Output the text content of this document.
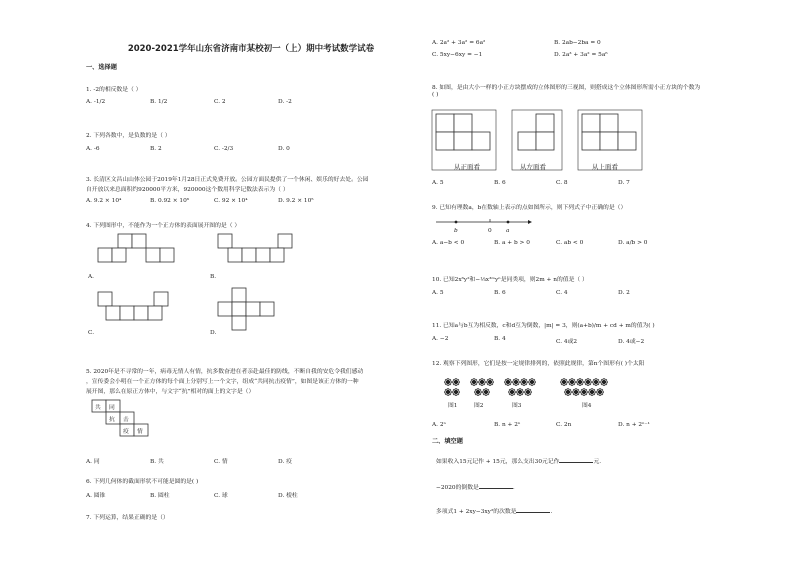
2020-2021学年山东省济南市某校初一（上）期中考试数学试卷
一、选择题
1. -2的相反数是（ ）
A. -1/2	B. 1/2	C. 2	D. -2
2. 下列各数中，是负数的是（ ）
A. -6	B. 2	C. -2/3	D. 0
3. 长清区文昌山山体公园于2019年1月28日正式免费开放。公园方面民提供了一个休闲、娱乐的好去处。公园
自开放以来总面积约920000平方米，920000这个数用科学记数法表示为（ ）
A. 9.2 × 10⁴	B. 0.92 × 10⁶	C. 92 × 10⁴	D. 9.2 × 10⁵
4. 下列图形中，不能作为一个正方体的表面展开图的是（ ）
A.	B.
C.	D.
5. 2020年是不寻常的一年，病毒无情人有情，抗多数奋进在者亲赴最佳的防线，不断自我的安危令我们感动
，宣传委会小明在一个正方体的每个面上分别写上一个文字，组成“共同抗击疫情”，如图是该正方体的一种
展开图，那么在原正方体中，与文字“抗”相对的面上的文字是（）
共 同
抗 击
疫 情
A. 同	B. 共	C. 情	D. 疫
6. 下列几何体的截面形状不可能是圆的是( )
A. 圆锥	B. 圆柱	C. 球	D. 棱柱
7. 下列运算，结果正确的是（）
A. 2a² + 3a² = 6a²	B. 2ab−2ba = 0
C. 5xy−6xy = −1	D. 2a³ + 3a² = 5a⁶
8. 如图，是由大小一样的小正方块摆成的立体图形的三视图，则搭成这个立体图形所需小正方块的个数为
( )
从正面看	从左面看	从上面看
A. 5	B. 6	C. 8	D. 7
9. 已知有理数a，b在数轴上表示的点如图所示，则下列式子中正确的是（）
b	0 a
A. a−b < 0	B. a + b > 0	C. ab < 0	D. a/b > 0
10. 已知2x⁶y²和−⅓x³ᵐyⁿ是同类项，则2m + n的值是（ ）
A. 5	B. 6	C. 4	D. 2
11. 已知a与b互为相反数，c和d互为倒数，|m| = 3，则(a+b)/m + cd + m的值为( )
A. −2	B. 4	C. 4或2	D. 4或−2
12. 观察下列图形，它们是按一定规律排列的，依照此规律，第n个图形有( )个太阳
图1	图2	图3	图4
A. 2ⁿ	B. n + 2ⁿ	C. 2n	D. n + 2ⁿ⁻¹
二、填空题
如果收入15元记作 + 15元，那么支出30元记作	元.
−2020的倒数是	.
多项式1 + 2xy−3xy²的次数是	.
